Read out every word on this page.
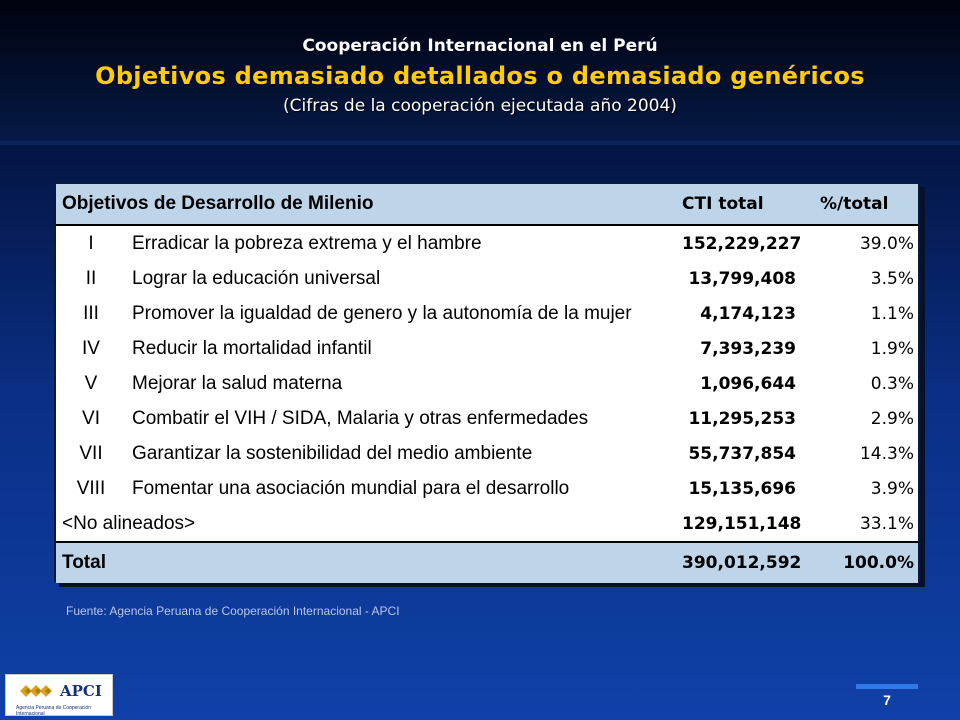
Cooperación Internacional en el Perú
Objetivos demasiado detallados o demasiado genéricos
(Cifras de la cooperación ejecutada año 2004)
Objetivos de Desarrollo de Milenio		CTI total	%/total
I	Erradicar la pobreza extrema y el hambre	152,229,227	39.0%
II	Lograr la educación universal	13,799,408	3.5%
III	Promover la igualdad de genero y la autonomía de la mujer	4,174,123	1.1%
IV	Reducir la mortalidad infantil	7,393,239	1.9%
V	Mejorar la salud materna	1,096,644	0.3%
VI	Combatir el VIH / SIDA, Malaria y otras enfermedades	11,295,253	2.9%
VII	Garantizar la sostenibilidad del medio ambiente	55,737,854	14.3%
VIII	Fomentar una asociación mundial para el desarrollo	15,135,696	3.9%
<No alineados>		129,151,148	33.1%
Total		390,012,592	100.0%
Fuente: Agencia Peruana de Cooperación Internacional - APCI
APCI
Agencia Peruana de Cooperación Internacional
7
